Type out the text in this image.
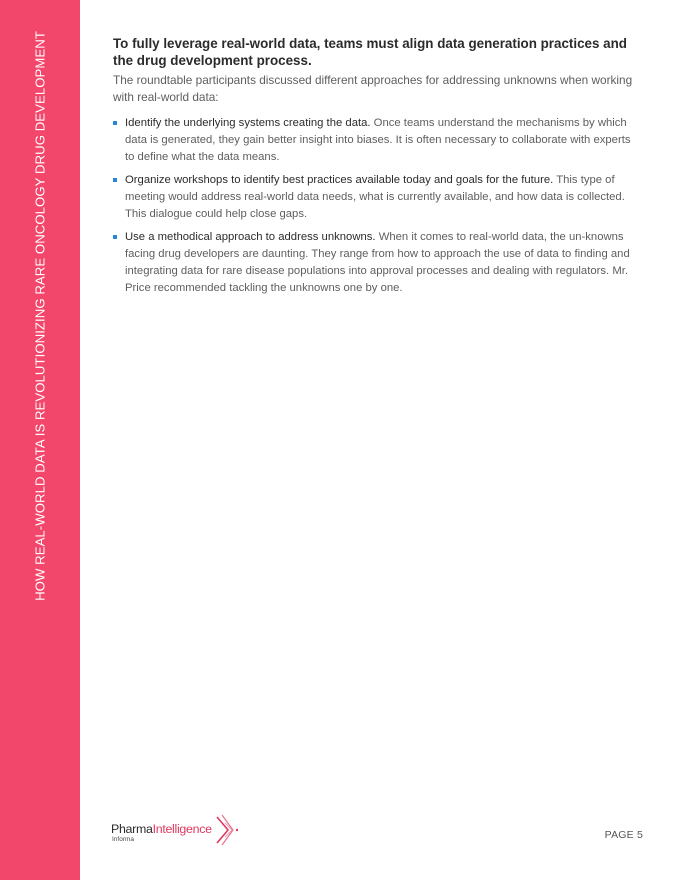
HOW REAL-WORLD DATA IS REVOLUTIONIZING RARE ONCOLOGY DRUG DEVELOPMENT	To fully leverage real-world data, teams must align data generation practices and the drug development process.

The roundtable participants discussed different approaches for addressing unknowns when working with real-world data:

Identify the underlying systems creating the data. Once teams understand the mechanisms by which data is generated, they gain better insight into biases. It is often necessary to collaborate with experts to define what the data means.
Organize workshops to identify best practices available today and goals for the future. This type of meeting would address real-world data needs, what is currently available, and how data is collected. This dialogue could help close gaps.
Use a methodical approach to address unknowns. When it comes to real-world data, the un-knowns facing drug developers are daunting. They range from how to approach the use of data to finding and integrating data for rare disease populations into approval processes and dealing with regulators. Mr. Price recommended tackling the unknowns one by one.
PharmaIntelligence
Informa	PAGE 5
